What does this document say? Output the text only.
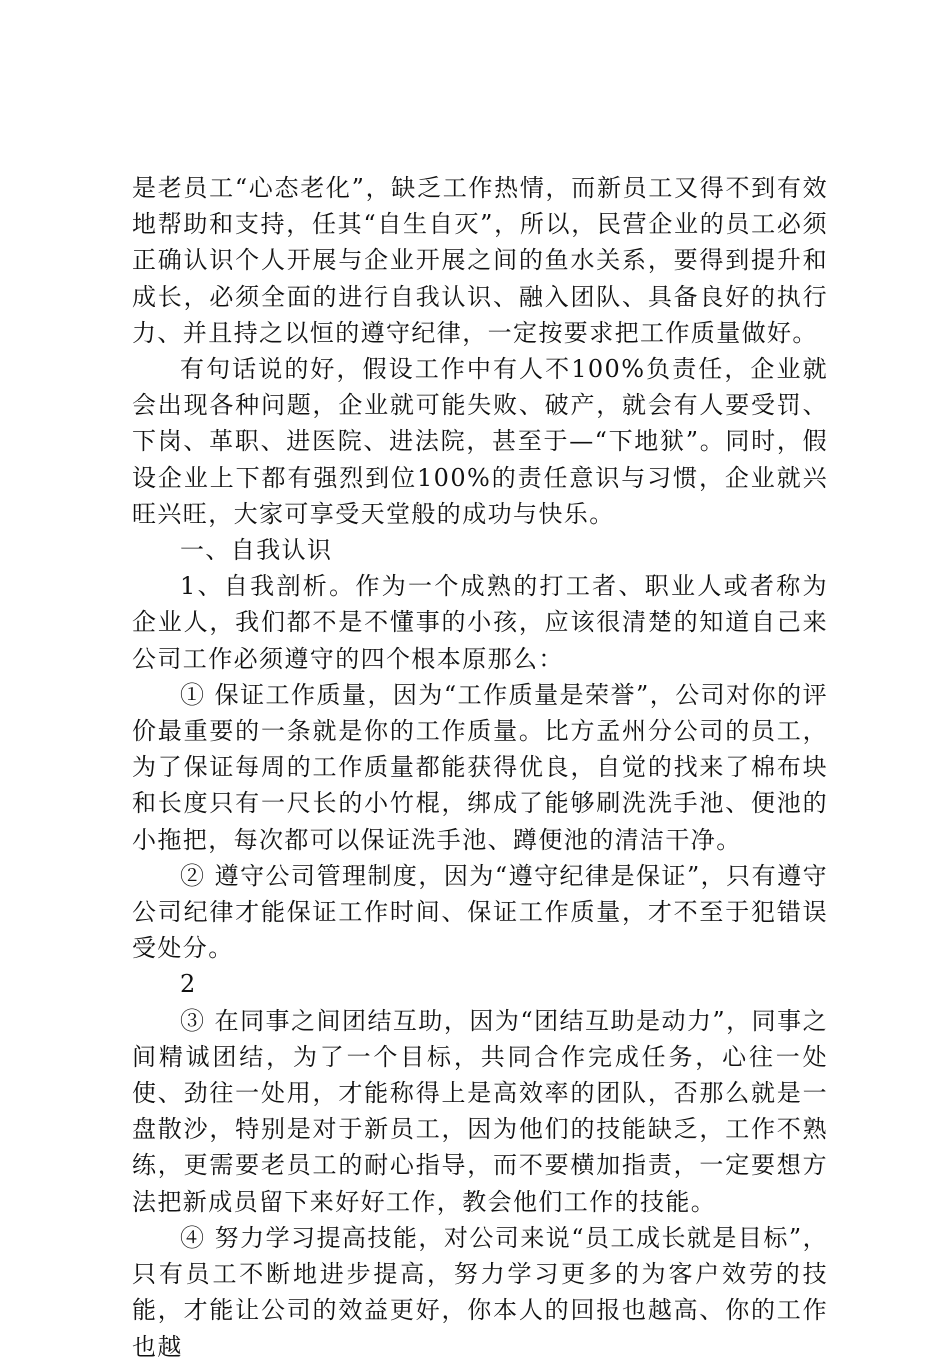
是老员工“心态老化”，缺乏工作热情，而新员工又得不到有效地帮助和支持，任其“自生自灭”，所以，民营企业的员工必须正确认识个人开展与企业开展之间的鱼水关系，要得到提升和成长，必须全面的进行自我认识、融入团队、具备良好的执行力、并且持之以恒的遵守纪律，一定按要求把工作质量做好。

有句话说的好，假设工作中有人不100%负责任，企业就会出现各种问题，企业就可能失败、破产，就会有人要受罚、下岗、革职、进医院、进法院，甚至于—“下地狱”。同时，假设企业上下都有强烈到位100%的责任意识与习惯，企业就兴旺兴旺，大家可享受天堂般的成功与快乐。

一、自我认识

1、自我剖析。作为一个成熟的打工者、职业人或者称为企业人，我们都不是不懂事的小孩，应该很清楚的知道自己来公司工作必须遵守的四个根本原那么：

① 保证工作质量，因为“工作质量是荣誉”，公司对你的评价最重要的一条就是你的工作质量。比方孟州分公司的员工，为了保证每周的工作质量都能获得优良，自觉的找来了棉布块和长度只有一尺长的小竹棍，绑成了能够刷洗洗手池、便池的小拖把，每次都可以保证洗手池、蹲便池的清洁干净。

② 遵守公司管理制度，因为“遵守纪律是保证”，只有遵守公司纪律才能保证工作时间、保证工作质量，才不至于犯错误受处分。

2

③ 在同事之间团结互助，因为“团结互助是动力”，同事之间精诚团结，为了一个目标，共同合作完成任务，心往一处使、劲往一处用，才能称得上是高效率的团队，否那么就是一盘散沙，特别是对于新员工，因为他们的技能缺乏，工作不熟练，更需要老员工的耐心指导，而不要横加指责，一定要想方法把新成员留下来好好工作，教会他们工作的技能。

④ 努力学习提高技能，对公司来说“员工成长就是目标”，只有员工不断地进步提高，努力学习更多的为客户效劳的技能，才能让公司的效益更好，你本人的回报也越高、你的工作也越
